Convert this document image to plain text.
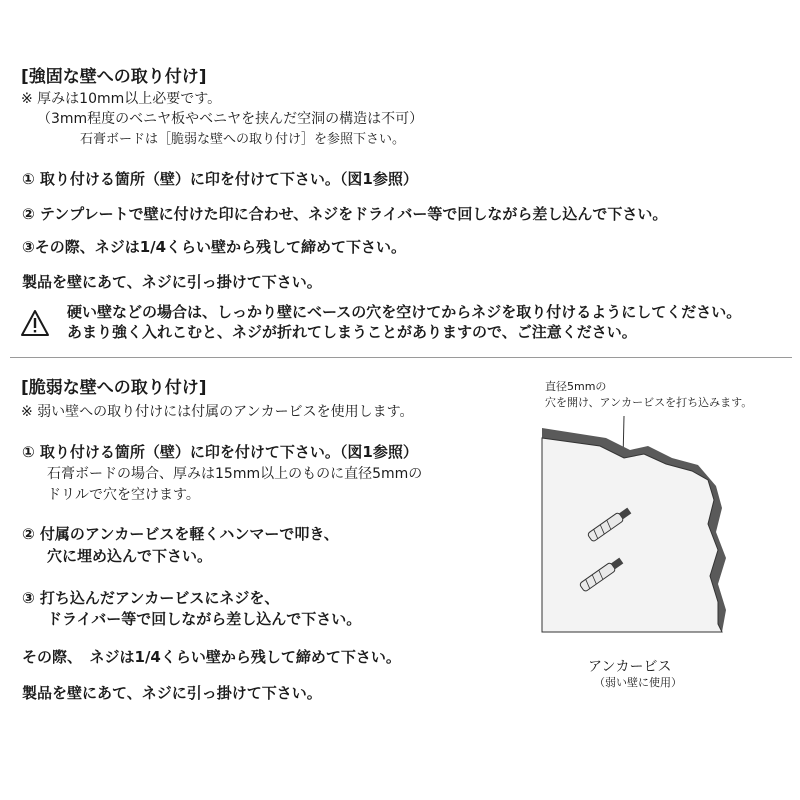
[強固な壁への取り付け]

※ 厚みは10mm以上必要です。

（3mm程度のベニヤ板やベニヤを挟んだ空洞の構造は不可）

石膏ボードは［脆弱な壁への取り付け］を参照下さい。

① 取り付ける箇所（壁）に印を付けて下さい。（図1参照）

② テンプレートで壁に付けた印に合わせ、ネジをドライバー等で回しながら差し込んで下さい。

③その際、ネジは1/4くらい壁から残して締めて下さい。

製品を壁にあて、ネジに引っ掛けて下さい。

硬い壁などの場合は、しっかり壁にベースの穴を空けてからネジを取り付けるようにしてください。

あまり強く入れこむと、ネジが折れてしまうことがありますので、ご注意ください。

[脆弱な壁への取り付け]

※ 弱い壁への取り付けには付属のアンカービスを使用します。

① 取り付ける箇所（壁）に印を付けて下さい。（図1参照）

石膏ボードの場合、厚みは15mm以上のものに直径5mmの

ドリルで穴を空けます。

② 付属のアンカービスを軽くハンマーで叩き、

穴に埋め込んで下さい。

③ 打ち込んだアンカービスにネジを、

ドライバー等で回しながら差し込んで下さい。

その際、　ネジは1/4くらい壁から残して締めて下さい。

製品を壁にあて、ネジに引っ掛けて下さい。

直径5mmの

穴を開け、アンカービスを打ち込みます。

アンカービス

（弱い壁に使用）
